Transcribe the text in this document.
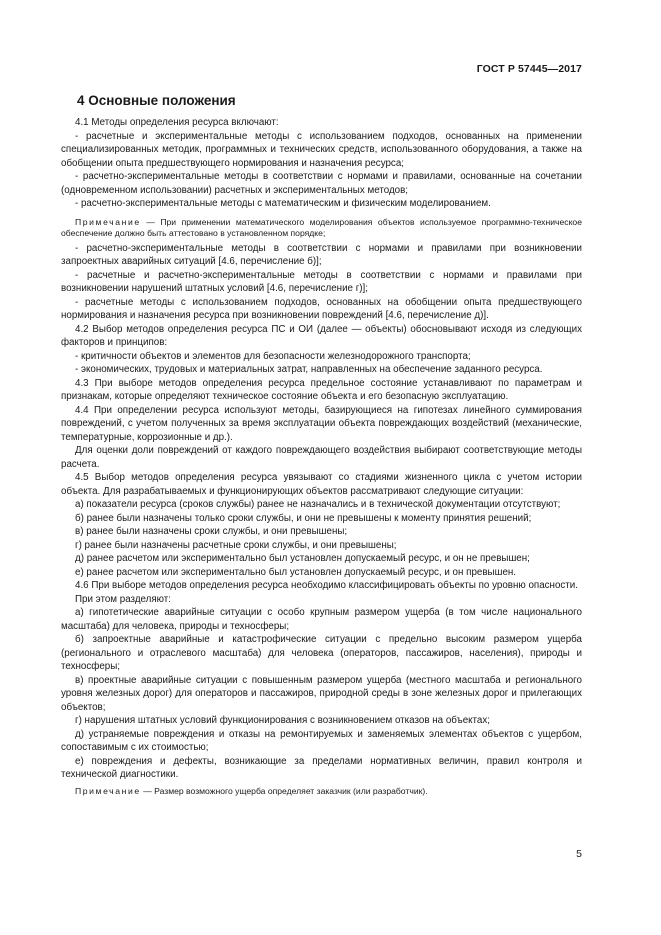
ГОСТ Р 57445—2017
4 Основные положения

4.1 Методы определения ресурса включают:

- расчетные и экспериментальные методы с использованием подходов, основанных на применении специализированных методик, программных и технических средств, использованного оборудования, а также на обобщении опыта предшествующего нормирования и назначения ресурса;

- расчетно-экспериментальные методы в соответствии с нормами и правилами, основанные на сочетании (одновременном использовании) расчетных и экспериментальных методов;

- расчетно-экспериментальные методы с математическим и физическим моделированием.

Примечание — При применении математического моделирования объектов используемое программно-техническое обеспечение должно быть аттестовано в установленном порядке;

- расчетно-экспериментальные методы в соответствии с нормами и правилами при возникновении запроектных аварийных ситуаций [4.6, перечисление б)];

- расчетные и расчетно-экспериментальные методы в соответствии с нормами и правилами при возникновении нарушений штатных условий [4.6, перечисление г)];

- расчетные методы с использованием подходов, основанных на обобщении опыта предшествующего нормирования и назначения ресурса при возникновении повреждений [4.6, перечисление д)].

4.2 Выбор методов определения ресурса ПС и ОИ (далее — объекты) обосновывают исходя из следующих факторов и принципов:

- критичности объектов и элементов для безопасности железнодорожного транспорта;

- экономических, трудовых и материальных затрат, направленных на обеспечение заданного ресурса.

4.3 При выборе методов определения ресурса предельное состояние устанавливают по параметрам и признакам, которые определяют техническое состояние объекта и его безопасную эксплуатацию.

4.4 При определении ресурса используют методы, базирующиеся на гипотезах линейного суммирования повреждений, с учетом полученных за время эксплуатации объекта повреждающих воздействий (механические, температурные, коррозионные и др.).

Для оценки доли повреждений от каждого повреждающего воздействия выбирают соответствующие методы расчета.

4.5 Выбор методов определения ресурса увязывают со стадиями жизненного цикла с учетом истории объекта. Для разрабатываемых и функционирующих объектов рассматривают следующие ситуации:

а) показатели ресурса (сроков службы) ранее не назначались и в технической документации отсутствуют;

б) ранее были назначены только сроки службы, и они не превышены к моменту принятия решений;

в) ранее были назначены сроки службы, и они превышены;

г) ранее были назначены расчетные сроки службы, и они превышены;

д) ранее расчетом или экспериментально был установлен допускаемый ресурс, и он не превышен;

е) ранее расчетом или экспериментально был установлен допускаемый ресурс, и он превышен.

4.6 При выборе методов определения ресурса необходимо классифицировать объекты по уровню опасности.

При этом разделяют:

а) гипотетические аварийные ситуации с особо крупным размером ущерба (в том числе национального масштаба) для человека, природы и техносферы;

б) запроектные аварийные и катастрофические ситуации с предельно высоким размером ущерба (регионального и отраслевого масштаба) для человека (операторов, пассажиров, населения), природы и техносферы;

в) проектные аварийные ситуации с повышенным размером ущерба (местного масштаба и регионального уровня железных дорог) для операторов и пассажиров, природной среды в зоне железных дорог и прилегающих объектов;

г) нарушения штатных условий функционирования с возникновением отказов на объектах;

д) устраняемые повреждения и отказы на ремонтируемых и заменяемых элементах объектов с ущербом, сопоставимым с их стоимостью;

е) повреждения и дефекты, возникающие за пределами нормативных величин, правил контроля и технической диагностики.

Примечание — Размер возможного ущерба определяет заказчик (или разработчик).

5
